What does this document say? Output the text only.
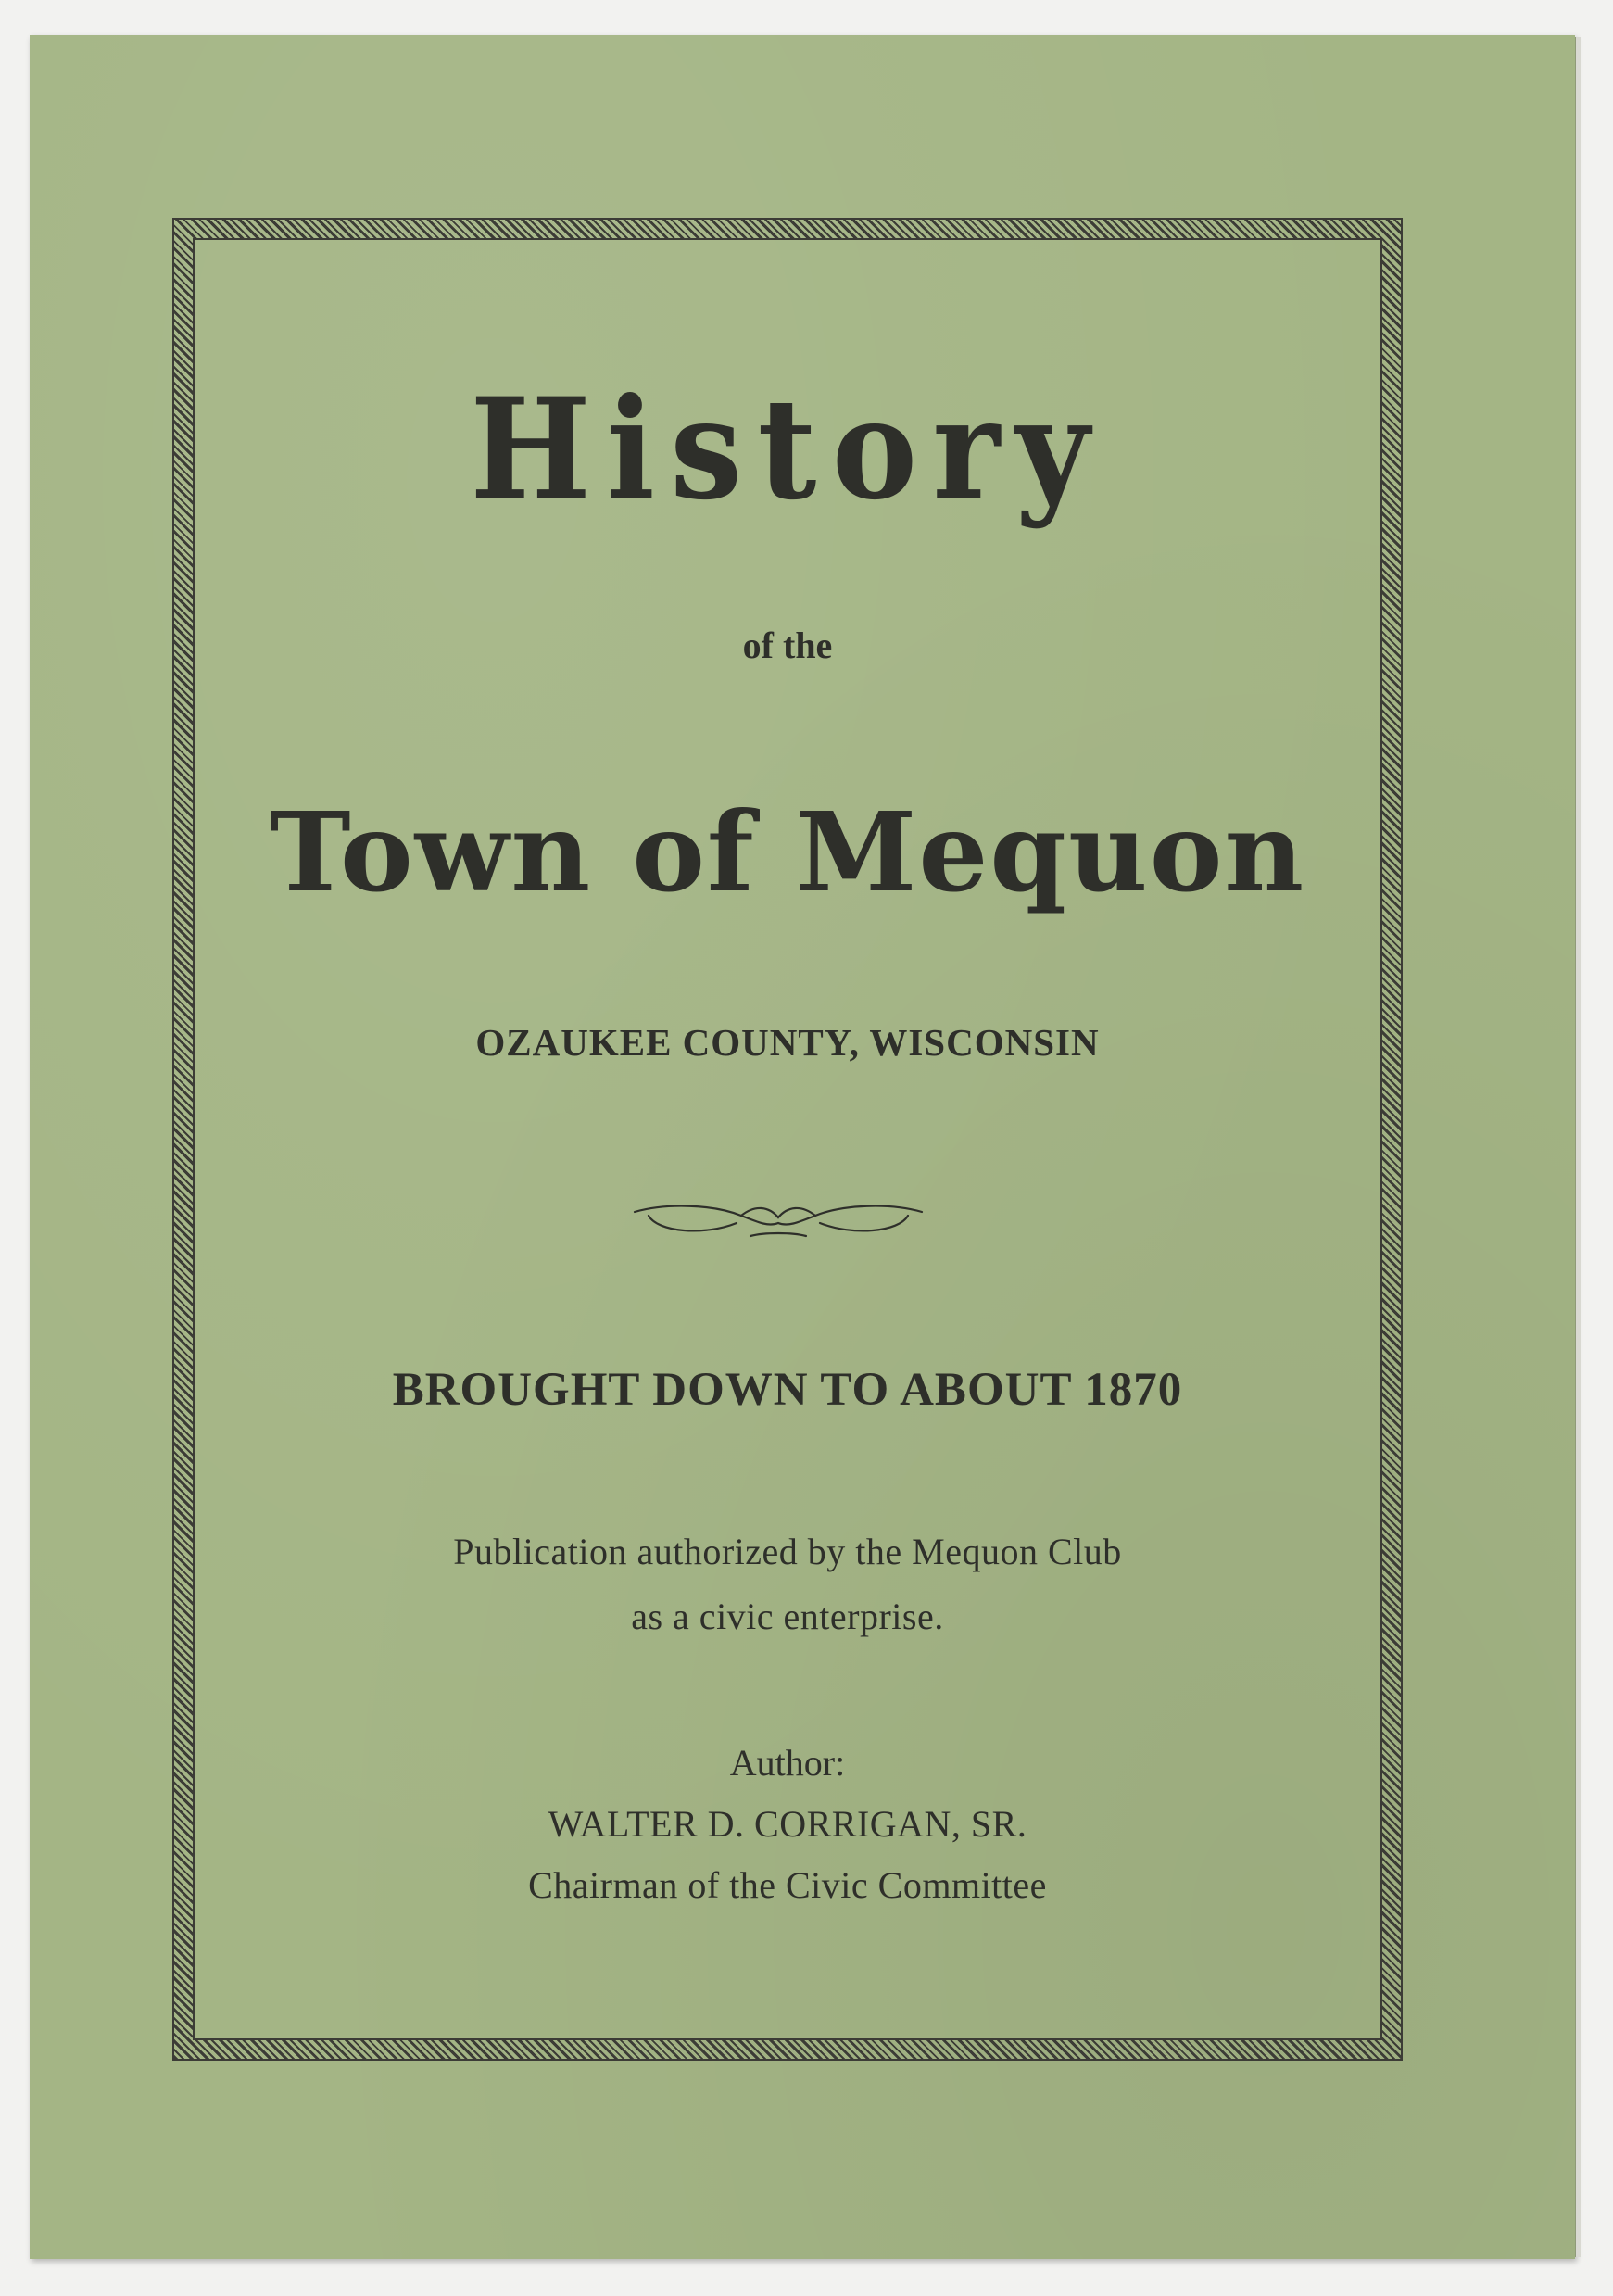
History
of the
Town of Mequon
OZAUKEE COUNTY, WISCONSIN
BROUGHT DOWN TO ABOUT 1870
Publication authorized by the Mequon Club
as a civic enterprise.
Author:
WALTER D. CORRIGAN, SR.
Chairman of the Civic Committee
